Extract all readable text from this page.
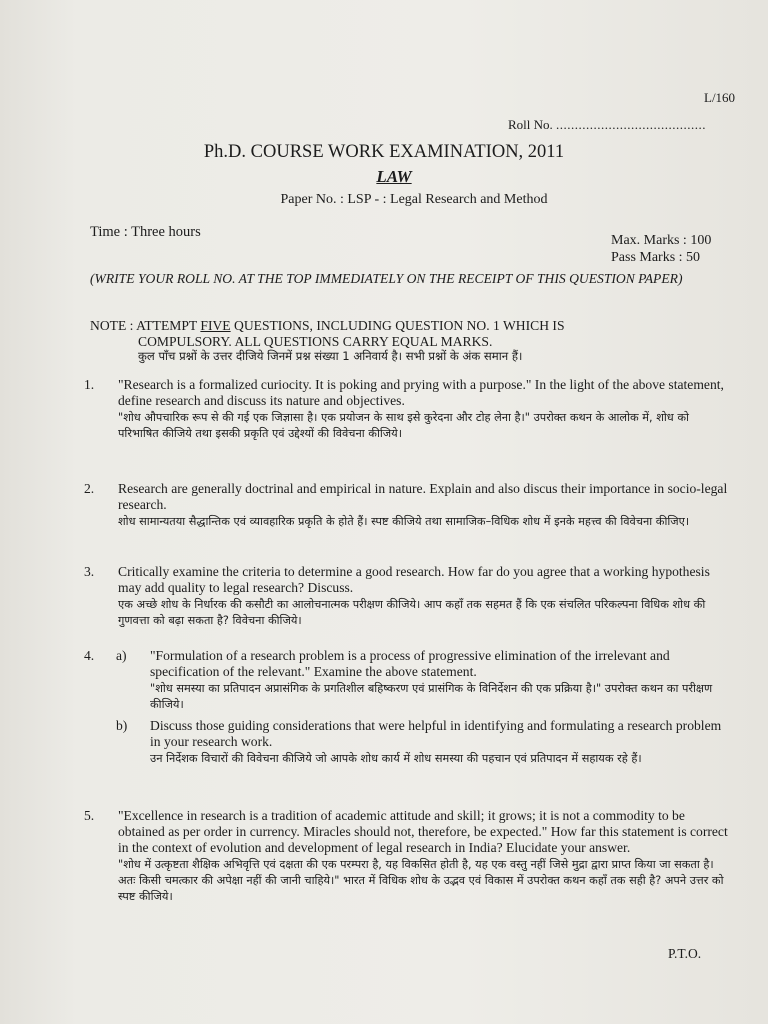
L/160
Roll No. ........................................
Ph.D. COURSE WORK EXAMINATION, 2011
LAW
Paper No. : LSP - : Legal Research and Method
Time : Three hours
Max. Marks : 100
Pass Marks : 50
(WRITE YOUR ROLL NO. AT THE TOP IMMEDIATELY ON THE RECEIPT OF THIS QUESTION PAPER)
NOTE : ATTEMPT FIVE QUESTIONS, INCLUDING QUESTION NO. 1 WHICH IS
COMPULSORY. ALL QUESTIONS CARRY EQUAL MARKS.
कुल पाँच प्रश्नों के उत्तर दीजिये जिनमें प्रश्न संख्या 1 अनिवार्य है। सभी प्रश्नों के अंक समान हैं।
1. "Research is a formalized curiocity. It is poking and prying with a purpose." In the light of the above statement, define research and discuss its nature and objectives.
"शोध औपचारिक रूप से की गई एक जिज्ञासा है। एक प्रयोजन के साथ इसे कुरेदना और टोह लेना है।" उपरोक्त कथन के आलोक में, शोध को परिभाषित कीजिये तथा इसकी प्रकृति एवं उद्देश्यों की विवेचना कीजिये।
2. Research are generally doctrinal and empirical in nature. Explain and also discus their importance in socio-legal research.
शोध सामान्यतया सैद्धान्तिक एवं व्यावहारिक प्रकृति के होते हैं। स्पष्ट कीजिये तथा सामाजिक–विधिक शोध में इनके महत्त्व की विवेचना कीजिए।
3. Critically examine the criteria to determine a good research. How far do you agree that a working hypothesis may add quality to legal research? Discuss.
एक अच्छे शोध के निर्धारक की कसौटी का आलोचनात्मक परीक्षण कीजिये। आप कहाँ तक सहमत हैं कि एक संचलित परिकल्पना विधिक शोध की गुणवत्ता को बढ़ा सकता है? विवेचना कीजिये।
4. a) "Formulation of a research problem is a process of progressive elimination of the irrelevant and specification of the relevant." Examine the above statement.
"शोध समस्या का प्रतिपादन अप्रासंगिक के प्रगतिशील बहिष्करण एवं प्रासंगिक के विनिर्देशन की एक प्रक्रिया है।" उपरोक्त कथन का परीक्षण कीजिये।
b) Discuss those guiding considerations that were helpful in identifying and formulating a research problem in your research work.
उन निर्देशक विचारों की विवेचना कीजिये जो आपके शोध कार्य में शोध समस्या की पहचान एवं प्रतिपादन में सहायक रहे हैं।
5. "Excellence in research is a tradition of academic attitude and skill; it grows; it is not a commodity to be obtained as per order in currency. Miracles should not, therefore, be expected." How far this statement is correct in the context of evolution and development of legal research in India? Elucidate your answer.
"शोध में उत्कृष्टता शैक्षिक अभिवृत्ति एवं दक्षता की एक परम्परा है, यह विकसित होती है, यह एक वस्तु नहीं जिसे मुद्रा द्वारा प्राप्त किया जा सकता है। अतः किसी चमत्कार की अपेक्षा नहीं की जानी चाहिये।" भारत में विधिक शोध के उद्भव एवं विकास में उपरोक्त कथन कहाँ तक सही है? अपने उत्तर को स्पष्ट कीजिये।
P.T.O.
